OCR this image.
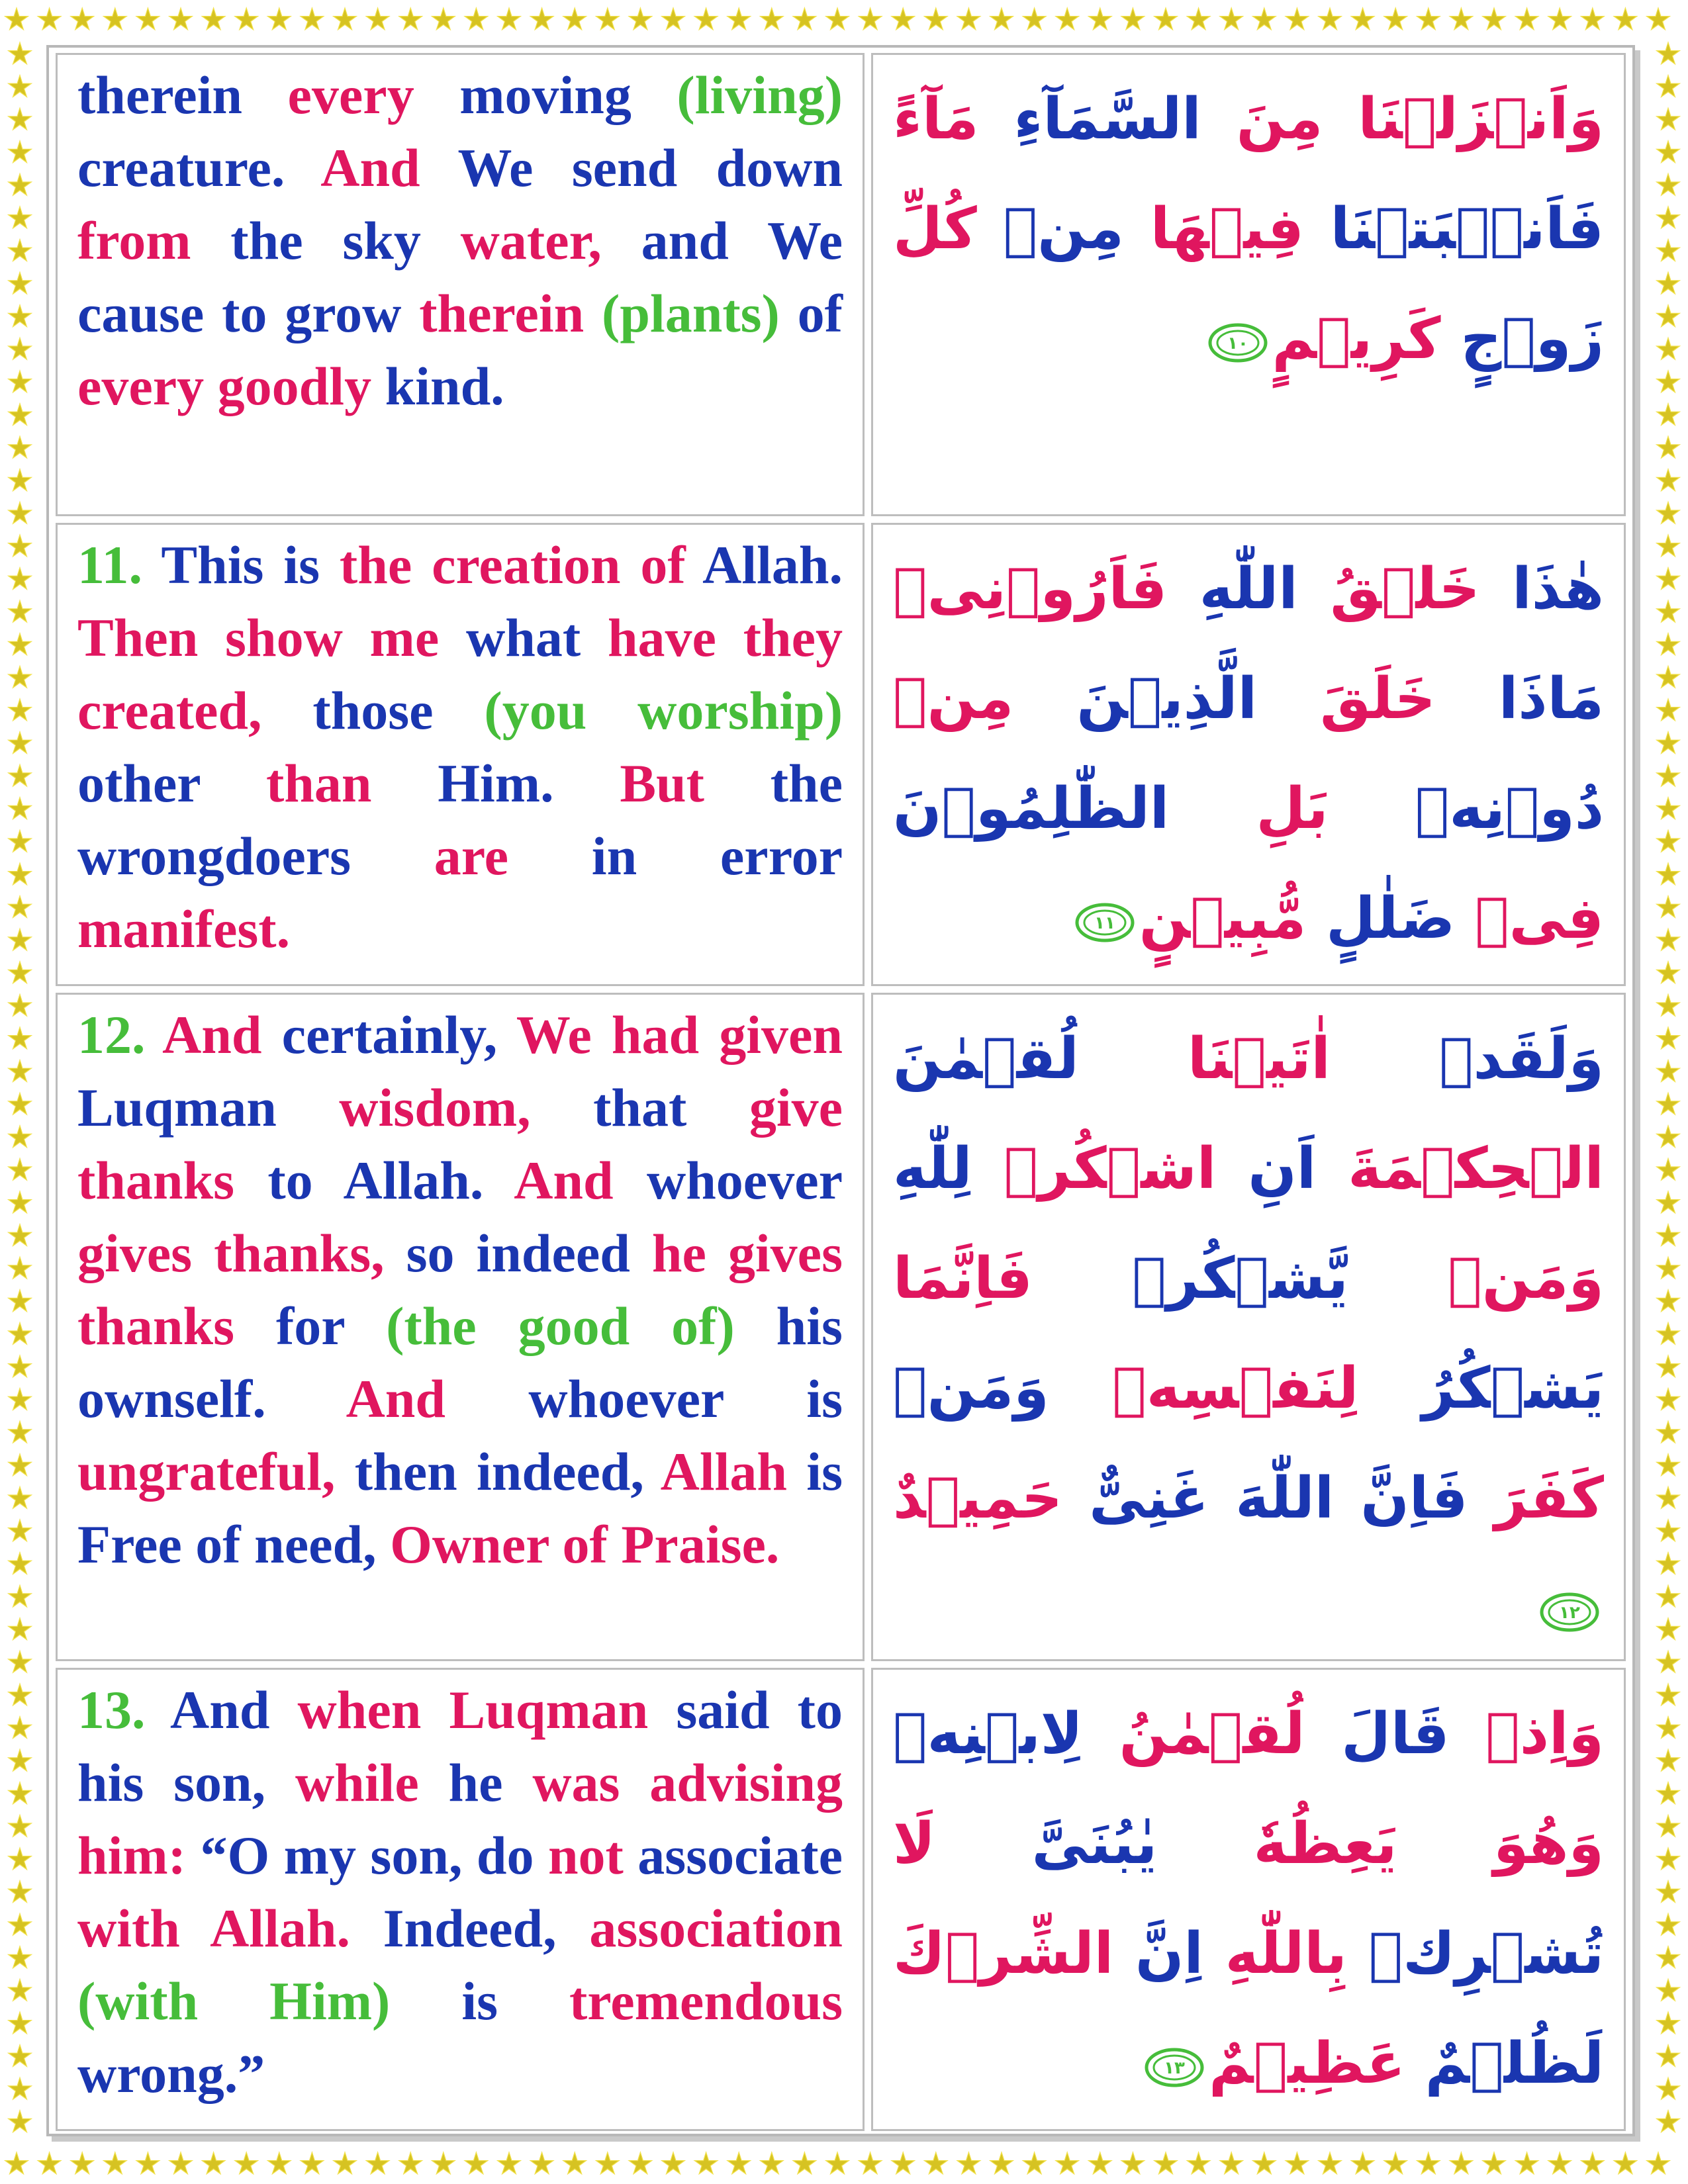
therein every moving (living) creature. And We send down from the sky water, and We cause to grow therein (plants) of every goodly kind.

وَاَنۡزَلۡنَا مِنَ السَّمَآءِ مَآءً فَاَنۡۢبَتۡنَا فِيۡهَا مِنۡ كُلِّ زَوۡجٍ كَرِيۡمٍ
١٠

11. This is the creation of Allah. Then show me what have they created, those (you worship) other than Him. But the wrongdoers are in error manifest.

هٰذَا خَلۡقُ اللّٰهِ فَاَرُوۡنِىۡ مَاذَا خَلَقَ الَّذِيۡنَ مِنۡ دُوۡنِهٖ بَلِ الظّٰلِمُوۡنَ فِىۡ ضَلٰلٍ مُّبِيۡنٍ
١١

12. And certainly, We had given Luqman wisdom, that give thanks to Allah. And whoever gives thanks, so indeed he gives thanks for (the good of) his ownself. And whoever is ungrateful, then indeed, Allah is Free of need, Owner of Praise.

وَلَقَدۡ اٰتَيۡنَا لُقۡمٰنَ الۡحِكۡمَةَ اَنِ اشۡكُرۡ لِلّٰهِ وَمَنۡ يَّشۡكُرۡ فَاِنَّمَا يَشۡكُرُ لِنَفۡسِهٖ وَمَنۡ كَفَرَ فَاِنَّ اللّٰهَ غَنِىٌّ حَمِيۡدٌ
١٢

13. And when Luqman said to his son, while he was advising him: “O my son, do not associate with Allah. Indeed, association (with Him) is tremendous wrong.”

وَاِذۡ قَالَ لُقۡمٰنُ لِابۡنِهٖ وَهُوَ يَعِظُهٗ يٰبُنَىَّ لَا تُشۡرِكۡ بِاللّٰهِ اِنَّ الشِّرۡكَ لَظُلۡمٌ عَظِيۡمٌ
١٣
